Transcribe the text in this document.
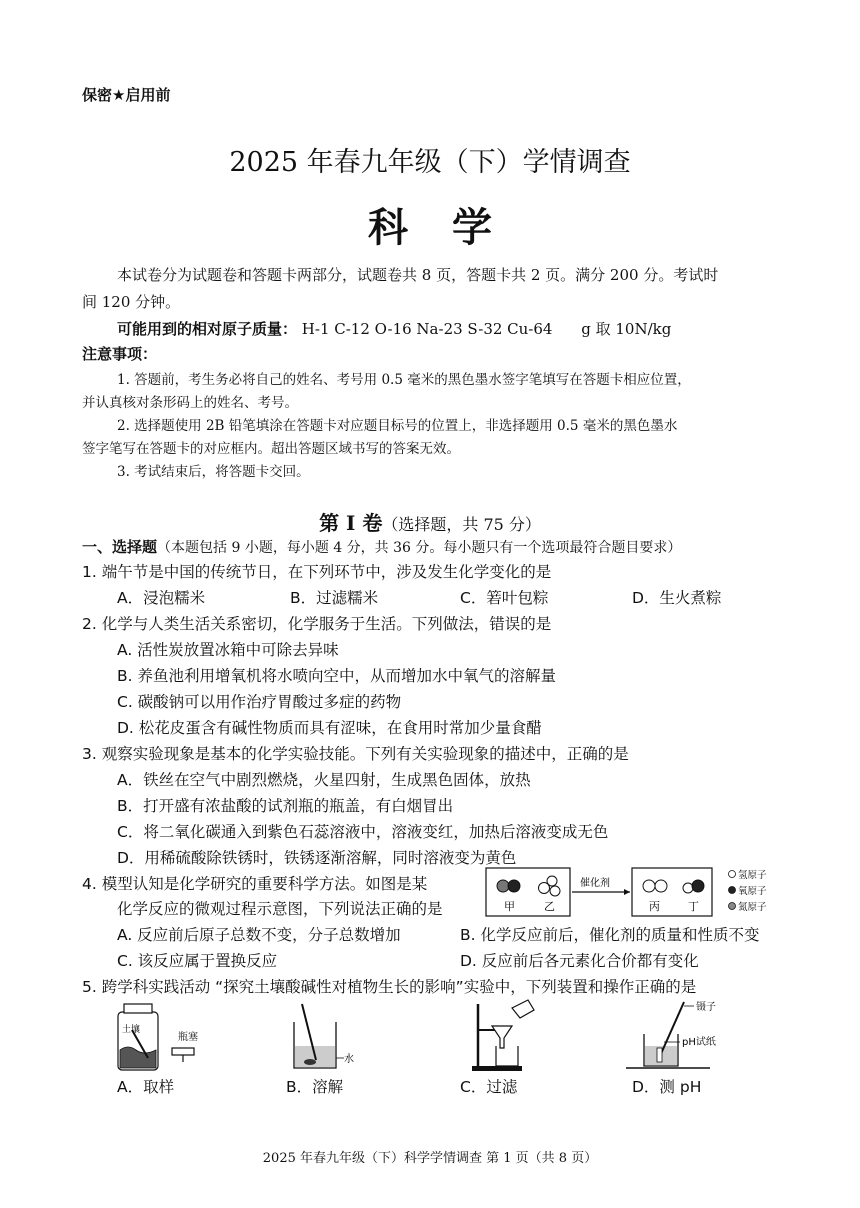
保密★启用前
2025 年春九年级（下）学情调查
科学
本试卷分为试题卷和答题卡两部分，试题卷共 8 页，答题卡共 2 页。满分 200 分。考试时
间 120 分钟。
可能用到的相对原子质量： H-1 C-12 O-16 Na-23 S-32 Cu-64 g 取 10N/kg
注意事项：
1. 答题前，考生务必将自己的姓名、考号用 0.5 毫米的黑色墨水签字笔填写在答题卡相应位置，
并认真核对条形码上的姓名、考号。
2. 选择题使用 2B 铅笔填涂在答题卡对应题目标号的位置上，非选择题用 0.5 毫米的黑色墨水
签字笔写在答题卡的对应框内。超出答题区域书写的答案无效。
3. 考试结束后，将答题卡交回。
第 I 卷（选择题，共 75 分）
一、选择题（本题包括 9 小题，每小题 4 分，共 36 分。每小题只有一个选项最符合题目要求）
1. 端午节是中国的传统节日，在下列环节中，涉及发生化学变化的是
A．浸泡糯米	B．过滤糯米	C．箬叶包粽	D．生火煮粽
2. 化学与人类生活关系密切，化学服务于生活。下列做法，错误的是
A. 活性炭放置冰箱中可除去异味
B. 养鱼池利用增氧机将水喷向空中，从而增加水中氧气的溶解量
C. 碳酸钠可以用作治疗胃酸过多症的药物
D. 松花皮蛋含有碱性物质而具有涩味，在食用时常加少量食醋
3. 观察实验现象是基本的化学实验技能。下列有关实验现象的描述中，正确的是
A．铁丝在空气中剧烈燃烧，火星四射，生成黑色固体，放热
B．打开盛有浓盐酸的试剂瓶的瓶盖，有白烟冒出
C．将二氧化碳通入到紫色石蕊溶液中，溶液变红，加热后溶液变成无色
D．用稀硫酸除铁锈时，铁锈逐渐溶解，同时溶液变为黄色
4. 模型认知是化学研究的重要科学方法。如图是某
化学反应的微观过程示意图，下列说法正确的是	甲	乙
催化剂
丙	丁
氢原子
氧原子
氮原子
A. 反应前后原子总数不变，分子总数增加	B. 化学反应前后，催化剂的质量和性质不变
C. 该反应属于置换反应	D. 反应前后各元素化合价都有变化
5. 跨学科实践活动 “探究土壤酸碱性对植物生长的影响”实验中，下列装置和操作正确的是
土壤
瓶塞
A．取样
水
B．溶解	C．过滤
镊子
pH试纸
D．测 pH
2025 年春九年级（下）科学学情调查 第 1 页（共 8 页）
